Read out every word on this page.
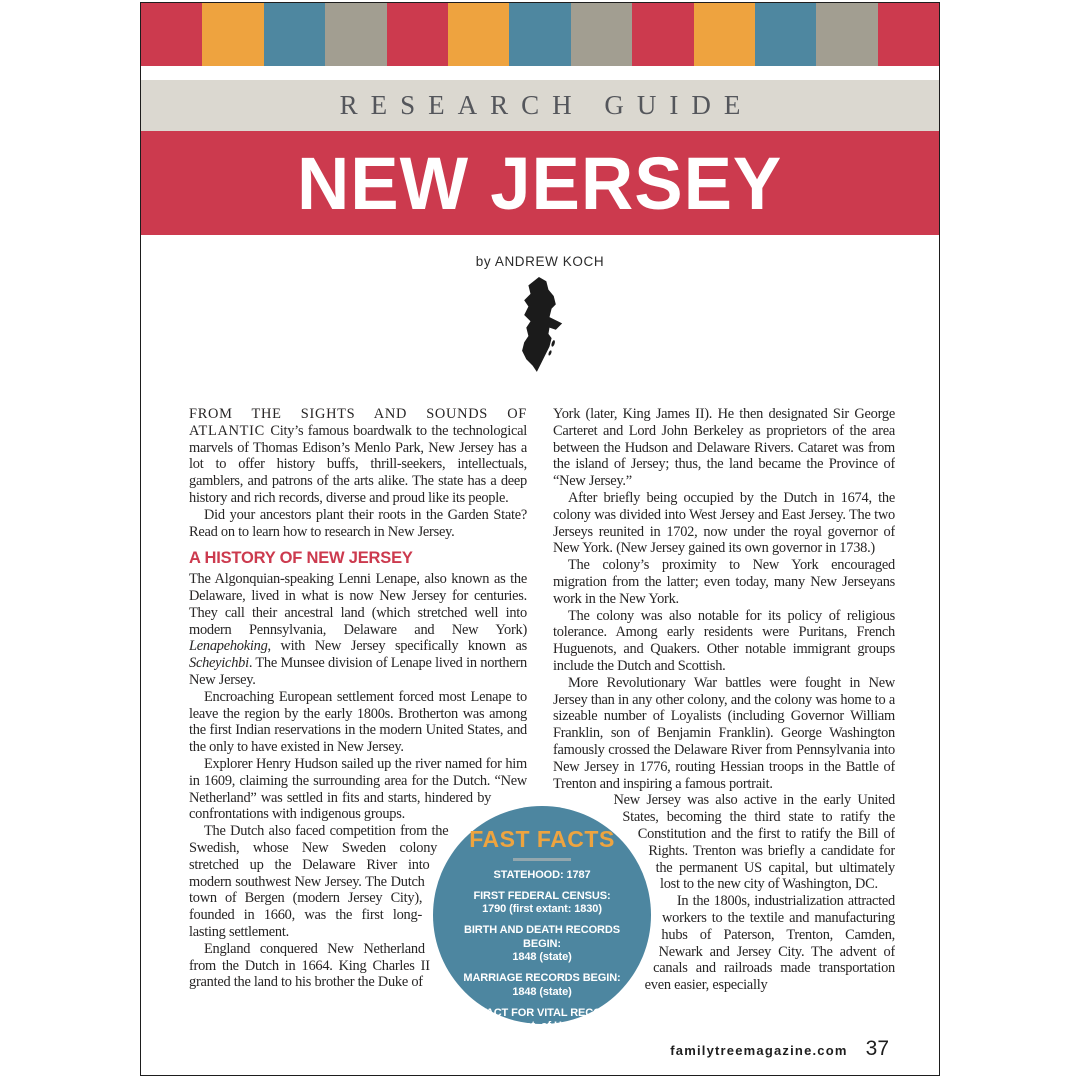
RESEARCH GUIDE
NEW JERSEY
by ANDREW KOCH

FROM THE SIGHTS AND SOUNDS OF ATLANTIC City’s famous boardwalk to the technological marvels of Thomas Edison’s Menlo Park, New Jersey has a lot to offer history buffs, thrill-seekers, intellectuals, gamblers, and patrons of the arts alike. The state has a deep history and rich records, diverse and proud like its people.

Did your ancestors plant their roots in the Garden State? Read on to learn how to research in New Jersey.

A HISTORY OF NEW JERSEY

The Algonquian-speaking Lenni Lenape, also known as the Delaware, lived in what is now New Jersey for centuries. They call their ancestral land (which stretched well into modern Pennsylvania, Delaware and New York) Lenapehoking, with New Jersey specifically known as Scheyichbi. The Munsee division of Lenape lived in northern New Jersey.

Encroaching European settlement forced most Lenape to leave the region by the early 1800s. Brotherton was among the first Indian reservations in the modern United States, and the only to have existed in New Jersey.

Explorer Henry Hudson sailed up the river named for him in 1609, claiming the surrounding area for the Dutch. “New Netherland” was settled in fits and starts, hindered by confrontations with indigenous groups.

The Dutch also faced competition from the Swedish, whose New Sweden colony stretched up the Delaware River into modern southwest New Jersey. The Dutch town of Bergen (modern Jersey City), founded in 1660, was the first long-lasting settlement.

England conquered New Netherland from the Dutch in 1664. King Charles II granted the land to his brother the Duke of

York (later, King James II). He then designated Sir George Carteret and Lord John Berkeley as proprietors of the area between the Hudson and Delaware Rivers. Cataret was from the island of Jersey; thus, the land became the Province of “New Jersey.”

After briefly being occupied by the Dutch in 1674, the colony was divided into West Jersey and East Jersey. The two Jerseys reunited in 1702, now under the royal governor of New York. (New Jersey gained its own governor in 1738.)

The colony’s proximity to New York encouraged migration from the latter; even today, many New Jerseyans work in the New York.

The colony was also notable for its policy of religious tolerance. Among early residents were Puritans, French Huguenots, and Quakers. Other notable immigrant groups include the Dutch and Scottish.

More Revolutionary War battles were fought in New Jersey than in any other colony, and the colony was home to a sizeable number of Loyalists (including Governor William Franklin, son of Benjamin Franklin). George Washington famously crossed the Delaware River from Pennsylvania into New Jersey in 1776, routing Hessian troops in the Battle of Trenton and inspiring a famous portrait.

New Jersey was also active in the early United States, becoming the third state to ratify the Constitution and the first to ratify the Bill of Rights. Trenton was briefly a candidate for the permanent US capital, but ultimately lost to the new city of Washington, DC.

In the 1800s, industrialization attracted workers to the textile and manufacturing hubs of Paterson, Trenton, Camden, Newark and Jersey City. The advent of canals and railroads made transportation even easier, especially

FAST FACTS
STATEHOOD: 1787
FIRST FEDERAL CENSUS:
1790 (first extant: 1830)
BIRTH AND DEATH RECORDS BEGIN:
1848 (state)
MARRIAGE RECORDS BEGIN:
1848 (state)
CONTACT FOR VITAL RECORDS:
NJ Dept. of Health,
Office of Vital Statistics
and Registry	familytreemagazine.com 37
